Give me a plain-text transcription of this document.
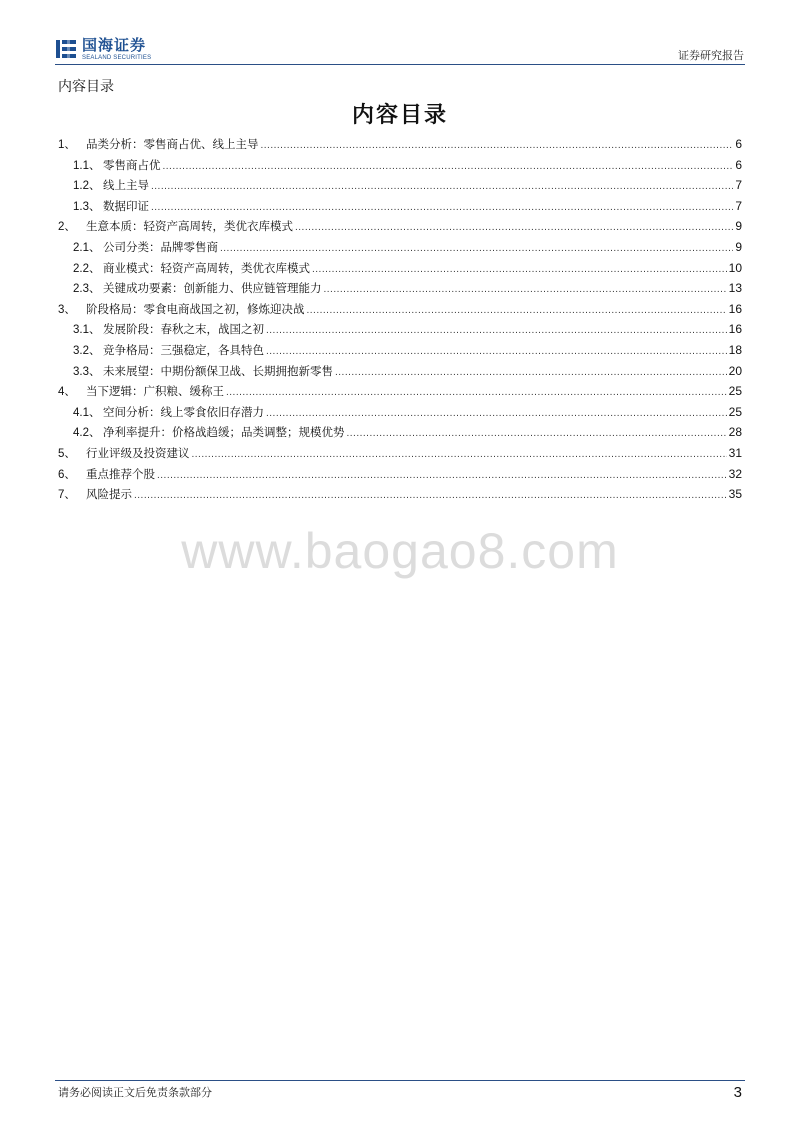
国海证券
SEALAND SECURITIES	证券研究报告
内容目录
内容目录
1、 品类分析：零售商占优、线上主导 .....	6
1.1、 零售商占优 .....	6
1.2、 线上主导 .....	7
1.3、 数据印证 .....	7
2、 生意本质：轻资产高周转，类优衣库模式 .....	9
2.1、 公司分类：品牌零售商 .....	9
2.2、 商业模式：轻资产高周转，类优衣库模式 .....	10
2.3、 关键成功要素：创新能力、供应链管理能力 .....	13
3、 阶段格局：零食电商战国之初，修炼迎决战 .....	16
3.1、 发展阶段：春秋之末，战国之初 .....	16
3.2、 竞争格局：三强稳定，各具特色 .....	18
3.3、 未来展望：中期份额保卫战、长期拥抱新零售 .....	20
4、 当下逻辑：广积粮、缓称王 .....	25
4.1、 空间分析：线上零食依旧存潜力 .....	25
4.2、 净利率提升：价格战趋缓；品类调整；规模优势 .....	28
5、 行业评级及投资建议 .....	31
6、 重点推荐个股 .....	32
7、 风险提示 .....	35
www.baogao8.com
请务必阅读正文后免责条款部分	3
